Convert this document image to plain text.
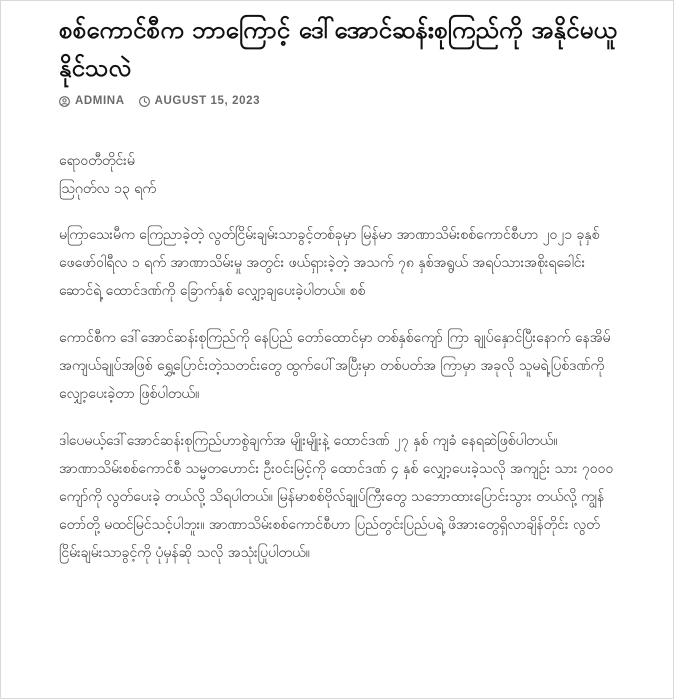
စစ်ကောင်စီက ဘာကြောင့် ဒေါ်အောင်ဆန်းစုကြည်ကို အနိုင်မယူနိုင်သလဲ
ADMINA	AUGUST 15, 2023

ရောဝတီတိုင်းမ်
သြဂုတ်လ ၁၃ ရက်

မကြာသေးမီက ကြေညာခဲ့တဲ့ လွတ်ငြိမ်းချမ်းသာခွင့်တစ်ခုမှာ မြန်မာ အာဏာသိမ်းစစ်ကောင်စီဟာ ၂၀၂၁ ခုနှစ် ဖေဖော်ဝါရီလ ၁ ရက် အာဏာသိမ်းမှု အတွင်း ဖယ်ရှားခဲ့တဲ့ အသက် ၇၈ နှစ်အရွယ် အရပ်သားအစိုးရခေါင်း ဆောင်ရဲ့ ထောင်ဒဏ်ကို ခြောက်နှစ် လျှော့ချပေးခဲ့ပါတယ်။ စစ်

ကောင်စီက ဒေါ်အောင်ဆန်းစုကြည်ကို နေပြည် တော်ထောင်မှာ တစ်နှစ်ကျော် ကြာ ချုပ်နှောင်ပြီးနောက် နေအိမ်အကျယ်ချုပ်အဖြစ် ရွှေ့ပြောင်းတဲ့သတင်းတွေ ထွက်ပေါ်အပြီးမှာ တစ်ပတ်အ ကြာမှာ အခုလို သူမရဲ့ပြစ်ဒဏ်ကို လျှော့ပေးခဲ့တာ ဖြစ်ပါတယ်။

ဒါပေမယ့်ဒေါ်အောင်ဆန်းစုကြည်ဟာစွဲချက်အ မျိုးမျိုးနဲ့ ထောင်ဒဏ် ၂၇ နှစ် ကျခံ နေရဆဲဖြစ်ပါတယ်။ အာဏာသိမ်းစစ်ကောင်စီ သမ္မတဟောင်း ဦးဝင်းမြင့်ကို ထောင်ဒဏ် ၄ နှစ် လျှော့ပေးခဲ့သလို အကျဉ်း သား ၇၀၀၀ ကျော်ကို လွတ်ပေးခဲ့ တယ်လို့ သိရပါတယ်။ မြန်မာစစ်ဗိုလ်ချုပ်ကြီးတွေ သဘောထားပြောင်းသွား တယ်လို့ ကျွန် တော်တို့ မထင်မြင်သင့်ပါဘူး။ အာဏာသိမ်းစစ်ကောင်စီဟာ ပြည်တွင်းပြည်ပရဲ့ ဖိအားတွေရှိလာချိန်တိုင်း လွတ် ငြိမ်းချမ်းသာခွင့်ကို ပုံမှန်ဆို သလို အသုံးပြုပါတယ်။
